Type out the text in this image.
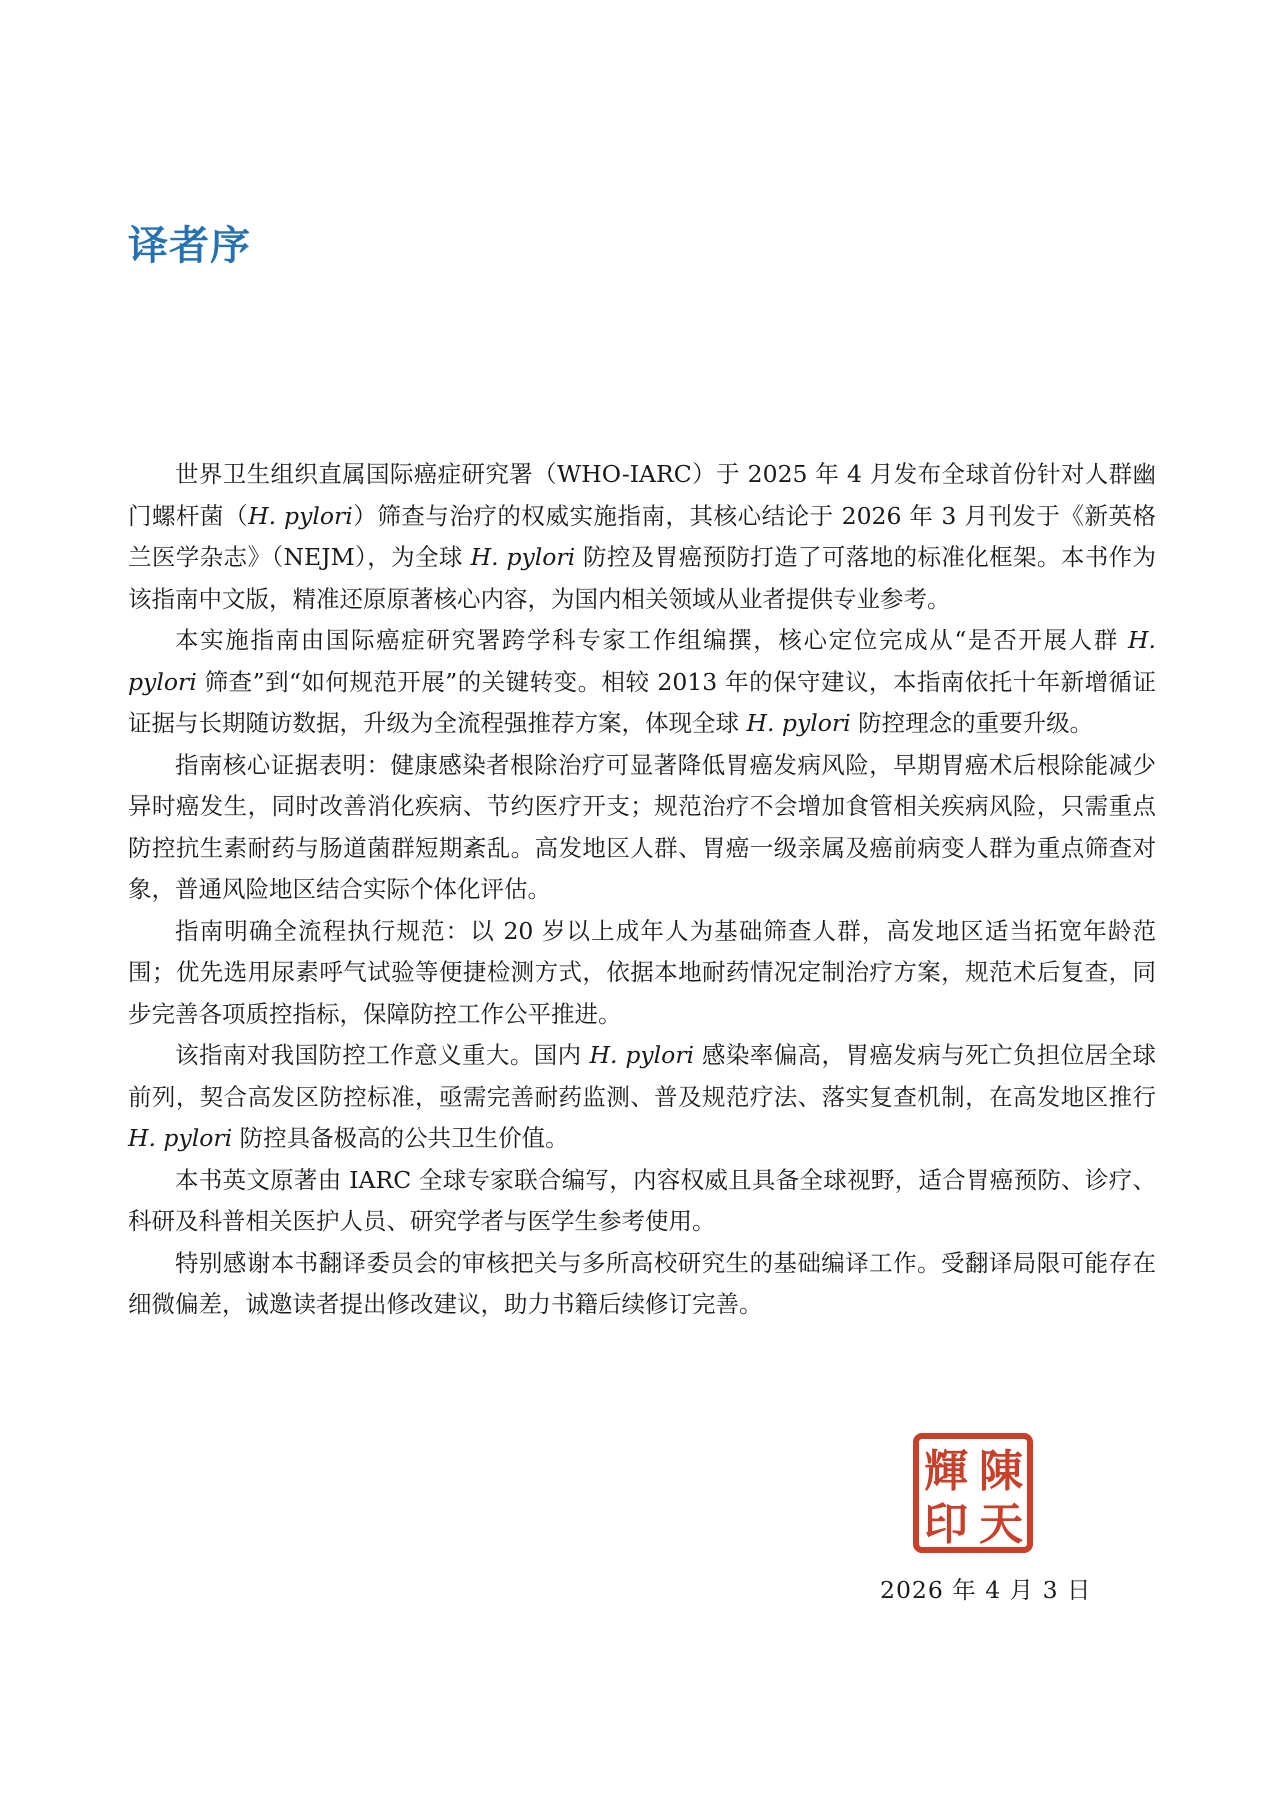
译者序

世界卫生组织直属国际癌症研究署（WHO-IARC）于 2025 年 4 月发布全球首份针对人群幽门螺杆菌（H. pylori）筛查与治疗的权威实施指南，其核心结论于 2026 年 3 月刊发于《新英格兰医学杂志》（NEJM），为全球 H. pylori 防控及胃癌预防打造了可落地的标准化框架。本书作为该指南中文版，精准还原原著核心内容，为国内相关领域从业者提供专业参考。

本实施指南由国际癌症研究署跨学科专家工作组编撰，核心定位完成从“是否开展人群 H. pylori 筛查”到“如何规范开展”的关键转变。相较 2013 年的保守建议，本指南依托十年新增循证证据与长期随访数据，升级为全流程强推荐方案，体现全球 H. pylori 防控理念的重要升级。

指南核心证据表明：健康感染者根除治疗可显著降低胃癌发病风险，早期胃癌术后根除能减少异时癌发生，同时改善消化疾病、节约医疗开支；规范治疗不会增加食管相关疾病风险，只需重点防控抗生素耐药与肠道菌群短期紊乱。高发地区人群、胃癌一级亲属及癌前病变人群为重点筛查对象，普通风险地区结合实际个体化评估。

指南明确全流程执行规范：以 20 岁以上成年人为基础筛查人群，高发地区适当拓宽年龄范围；优先选用尿素呼气试验等便捷检测方式，依据本地耐药情况定制治疗方案，规范术后复查，同步完善各项质控指标，保障防控工作公平推进。

该指南对我国防控工作意义重大。国内 H. pylori 感染率偏高，胃癌发病与死亡负担位居全球前列，契合高发区防控标准，亟需完善耐药监测、普及规范疗法、落实复查机制，在高发地区推行 H. pylori 防控具备极高的公共卫生价值。

本书英文原著由 IARC 全球专家联合编写，内容权威且具备全球视野，适合胃癌预防、诊疗、科研及科普相关医护人员、研究学者与医学生参考使用。

特别感谢本书翻译委员会的审核把关与多所高校研究生的基础编译工作。受翻译局限可能存在细微偏差，诚邀读者提出修改建议，助力书籍后续修订完善。

陳
天
輝
印
2026 年 4 月 3 日
